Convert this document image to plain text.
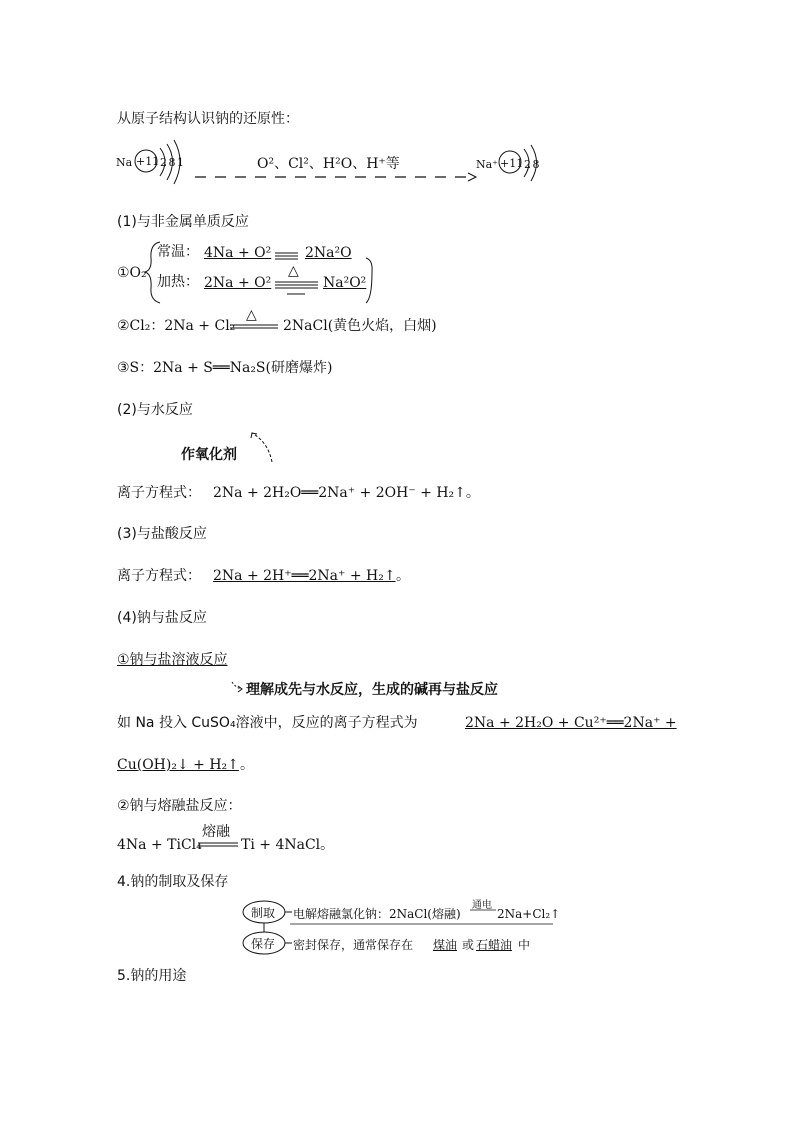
从原子结构认识钠的还原性：
Na +11 2 8 1	O²、Cl²、H²O、H⁺等	Na⁺ +11 2 8
(1)与非金属单质反应
①O₂
常温： 4Na + O² 2Na²O
加热： 2Na + O²
△
Na²O²
②Cl₂：2Na + Cl₂
△
2NaCl(黄色火焰，白烟)
③S：2Na + S══Na₂S(研磨爆炸)
(2)与水反应
作氧化剂
离子方程式： 2Na + 2H₂O══2Na⁺ + 2OH⁻ + H₂↑。
(3)与盐酸反应
离子方程式： 2Na + 2H⁺══2Na⁺ + H₂↑ 。
(4)钠与盐反应
①钠与盐溶液反应
理解成先与水反应，生成的碱再与盐反应
如 Na 投入 CuSO₄溶液中，反应的离子方程式为	2Na + 2H₂O + Cu²⁺══2Na⁺ +
Cu(OH)₂↓ + H₂↑ 。
②钠与熔融盐反应：
熔融
4Na + TiCl₄	Ti + 4NaCl。
4.钠的制取及保存
制取
保存
电解熔融氯化钠：2NaCl(熔融)
通电
2Na+Cl₂↑
密封保存，通常保存在 煤油 或 石蜡油 中
5.钠的用途
